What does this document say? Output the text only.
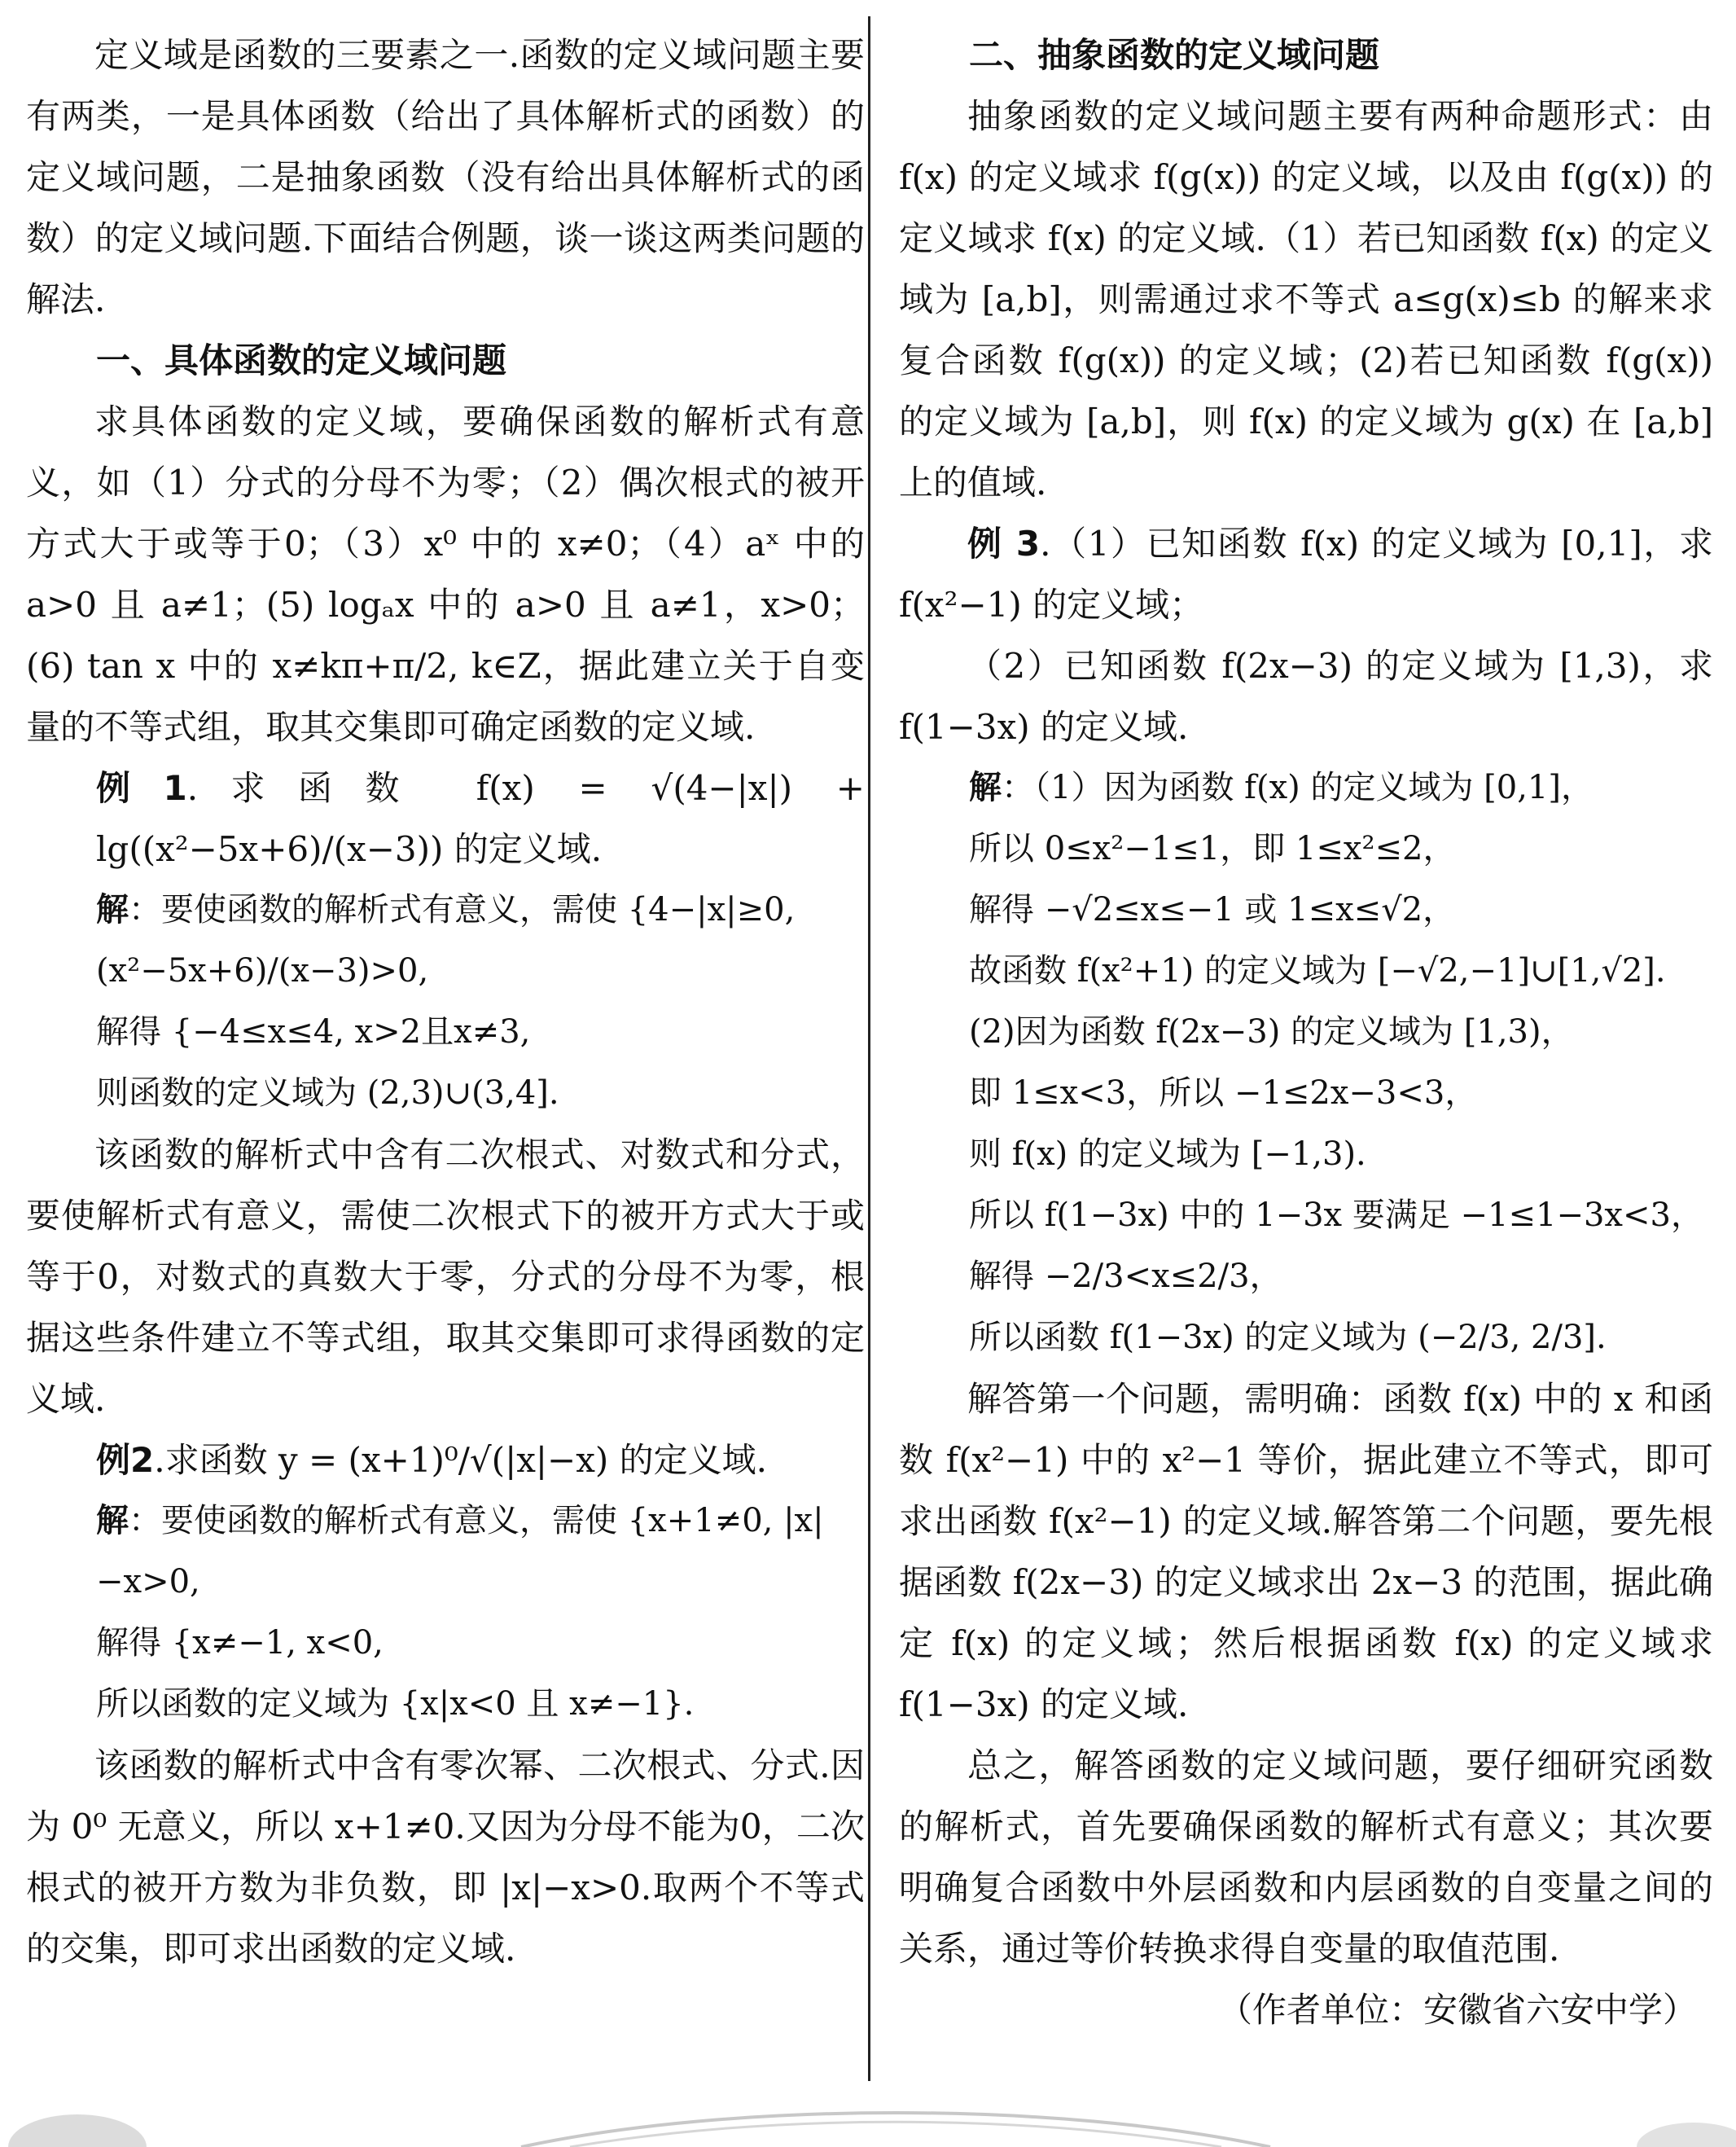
定义域是函数的三要素之一.函数的定义域问题主要有两类，一是具体函数（给出了具体解析式的函数）的定义域问题，二是抽象函数（没有给出具体解析式的函数）的定义域问题.下面结合例题，谈一谈这两类问题的解法.

一、具体函数的定义域问题

求具体函数的定义域，要确保函数的解析式有意义，如（1）分式的分母不为零；（2）偶次根式的被开方式大于或等于0；（3）x⁰ 中的 x≠0；（4）aˣ 中的 a>0 且 a≠1；(5) logₐx 中的 a>0 且 a≠1，x>0；(6) tan x 中的 x≠kπ+π/2, k∈Z，据此建立关于自变量的不等式组，取其交集即可确定函数的定义域.

例1.求函数 f(x) = √(4−|x|) + lg((x²−5x+6)/(x−3)) 的定义域.

解：要使函数的解析式有意义，需使 {4−|x|≥0, (x²−5x+6)/(x−3)>0,

解得 {−4≤x≤4, x>2且x≠3,

则函数的定义域为 (2,3)∪(3,4].

该函数的解析式中含有二次根式、对数式和分式，要使解析式有意义，需使二次根式下的被开方式大于或等于0，对数式的真数大于零，分式的分母不为零，根据这些条件建立不等式组，取其交集即可求得函数的定义域.

例2.求函数 y = (x+1)⁰/√(|x|−x) 的定义域.

解：要使函数的解析式有意义，需使 {x+1≠0, |x|−x>0,

解得 {x≠−1, x<0,

所以函数的定义域为 {x|x<0 且 x≠−1}.

该函数的解析式中含有零次幂、二次根式、分式.因为 0⁰ 无意义，所以 x+1≠0.又因为分母不能为0，二次根式的被开方数为非负数，即 |x|−x>0.取两个不等式的交集，即可求出函数的定义域.

二、抽象函数的定义域问题

抽象函数的定义域问题主要有两种命题形式：由 f(x) 的定义域求 f(g(x)) 的定义域，以及由 f(g(x)) 的定义域求 f(x) 的定义域.（1）若已知函数 f(x) 的定义域为 [a,b]，则需通过求不等式 a≤g(x)≤b 的解来求复合函数 f(g(x)) 的定义域；(2)若已知函数 f(g(x)) 的定义域为 [a,b]，则 f(x) 的定义域为 g(x) 在 [a,b] 上的值域.

例 3.（1）已知函数 f(x) 的定义域为 [0,1]，求 f(x²−1) 的定义域；

（2）已知函数 f(2x−3) 的定义域为 [1,3)，求 f(1−3x) 的定义域.

解：（1）因为函数 f(x) 的定义域为 [0,1]，

所以 0≤x²−1≤1，即 1≤x²≤2，

解得 −√2≤x≤−1 或 1≤x≤√2，

故函数 f(x²+1) 的定义域为 [−√2,−1]∪[1,√2].

(2)因为函数 f(2x−3) 的定义域为 [1,3)，

即 1≤x<3，所以 −1≤2x−3<3，

则 f(x) 的定义域为 [−1,3).

所以 f(1−3x) 中的 1−3x 要满足 −1≤1−3x<3，

解得 −2/3<x≤2/3，

所以函数 f(1−3x) 的定义域为 (−2/3, 2/3].

解答第一个问题，需明确：函数 f(x) 中的 x 和函数 f(x²−1) 中的 x²−1 等价，据此建立不等式，即可求出函数 f(x²−1) 的定义域.解答第二个问题，要先根据函数 f(2x−3) 的定义域求出 2x−3 的范围，据此确定 f(x) 的定义域；然后根据函数 f(x) 的定义域求 f(1−3x) 的定义域.

总之，解答函数的定义域问题，要仔细研究函数的解析式，首先要确保函数的解析式有意义；其次要明确复合函数中外层函数和内层函数的自变量之间的关系，通过等价转换求得自变量的取值范围.

（作者单位：安徽省六安中学）
